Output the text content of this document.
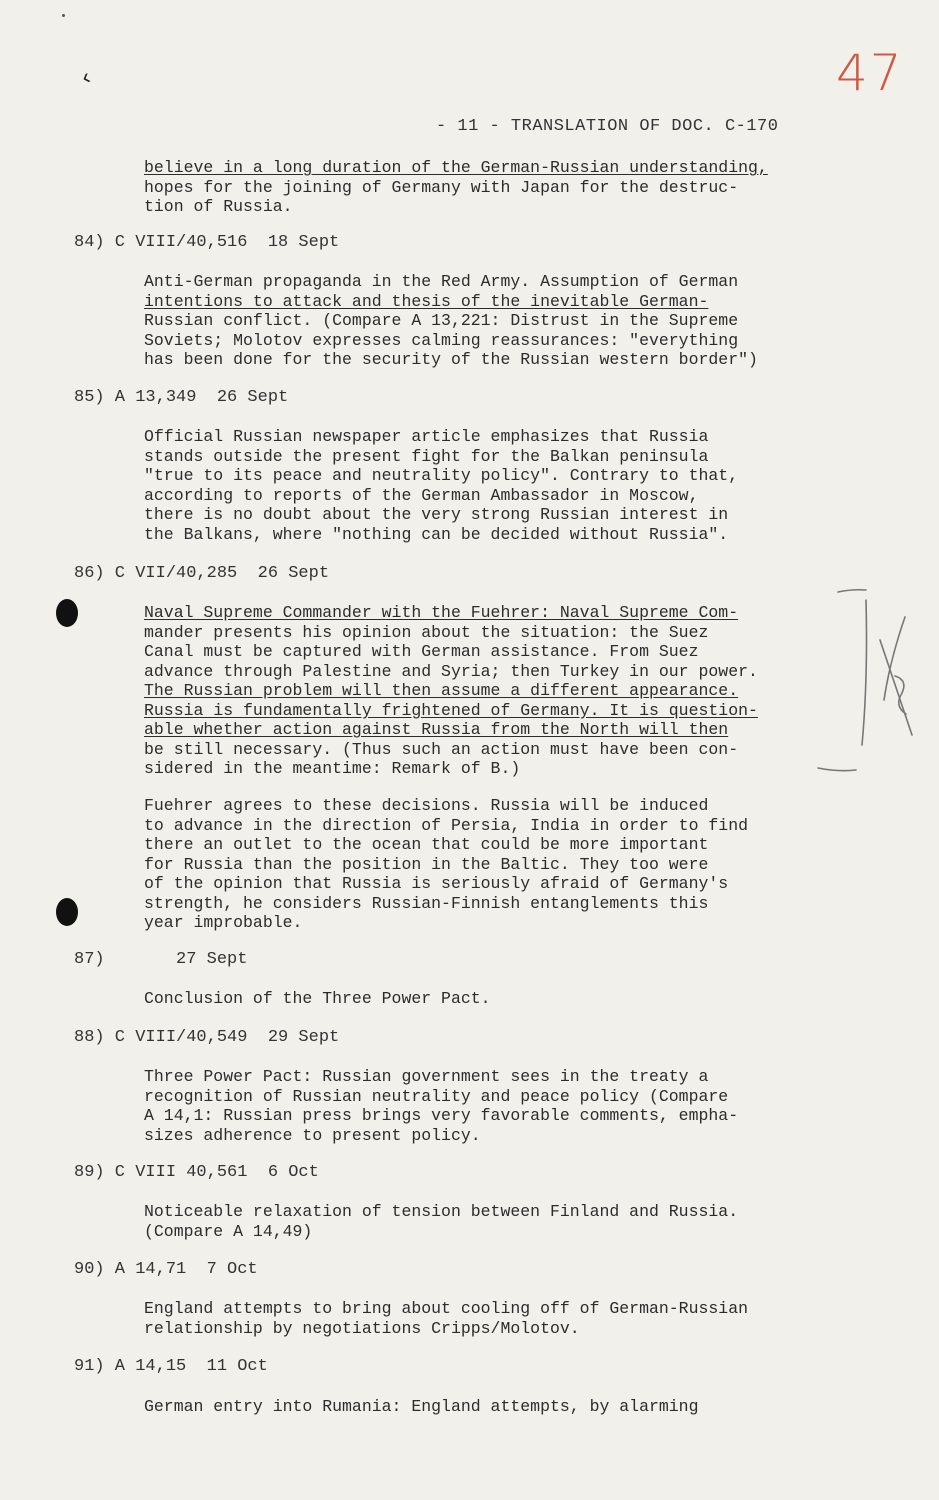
‹	47
- 11 - TRANSLATION OF DOC. C-170
believe in a long duration of the German-Russian understanding,
hopes for the joining of Germany with Japan for the destruc-
tion of Russia.
84) C VIII/40,516  18 Sept
Anti-German propaganda in the Red Army. Assumption of German
intentions to attack and thesis of the inevitable German-
Russian conflict. (Compare A 13,221: Distrust in the Supreme
Soviets; Molotov expresses calming reassurances: "everything
has been done for the security of the Russian western border")
85) A 13,349  26 Sept
Official Russian newspaper article emphasizes that Russia
stands outside the present fight for the Balkan peninsula
"true to its peace and neutrality policy". Contrary to that,
according to reports of the German Ambassador in Moscow,
there is no doubt about the very strong Russian interest in
the Balkans, where "nothing can be decided without Russia".
86) C VII/40,285  26 Sept
Naval Supreme Commander with the Fuehrer: Naval Supreme Com-
mander presents his opinion about the situation: the Suez
Canal must be captured with German assistance. From Suez
advance through Palestine and Syria; then Turkey in our power.
The Russian problem will then assume a different appearance.
Russia is fundamentally frightened of Germany. It is question-
able whether action against Russia from the North will then
be still necessary. (Thus such an action must have been con-
sidered in the meantime: Remark of B.)
Fuehrer agrees to these decisions. Russia will be induced
to advance in the direction of Persia, India in order to find
there an outlet to the ocean that could be more important
for Russia than the position in the Baltic. They too were
of the opinion that Russia is seriously afraid of Germany's
strength, he considers Russian-Finnish entanglements this
year improbable.
87)       27 Sept
Conclusion of the Three Power Pact.
88) C VIII/40,549  29 Sept
Three Power Pact: Russian government sees in the treaty a
recognition of Russian neutrality and peace policy (Compare
A 14,1: Russian press brings very favorable comments, empha-
sizes adherence to present policy.
89) C VIII 40,561  6 Oct
Noticeable relaxation of tension between Finland and Russia.
(Compare A 14,49)
90) A 14,71  7 Oct
England attempts to bring about cooling off of German-Russian
relationship by negotiations Cripps/Molotov.
91) A 14,15  11 Oct
German entry into Rumania: England attempts, by alarming
